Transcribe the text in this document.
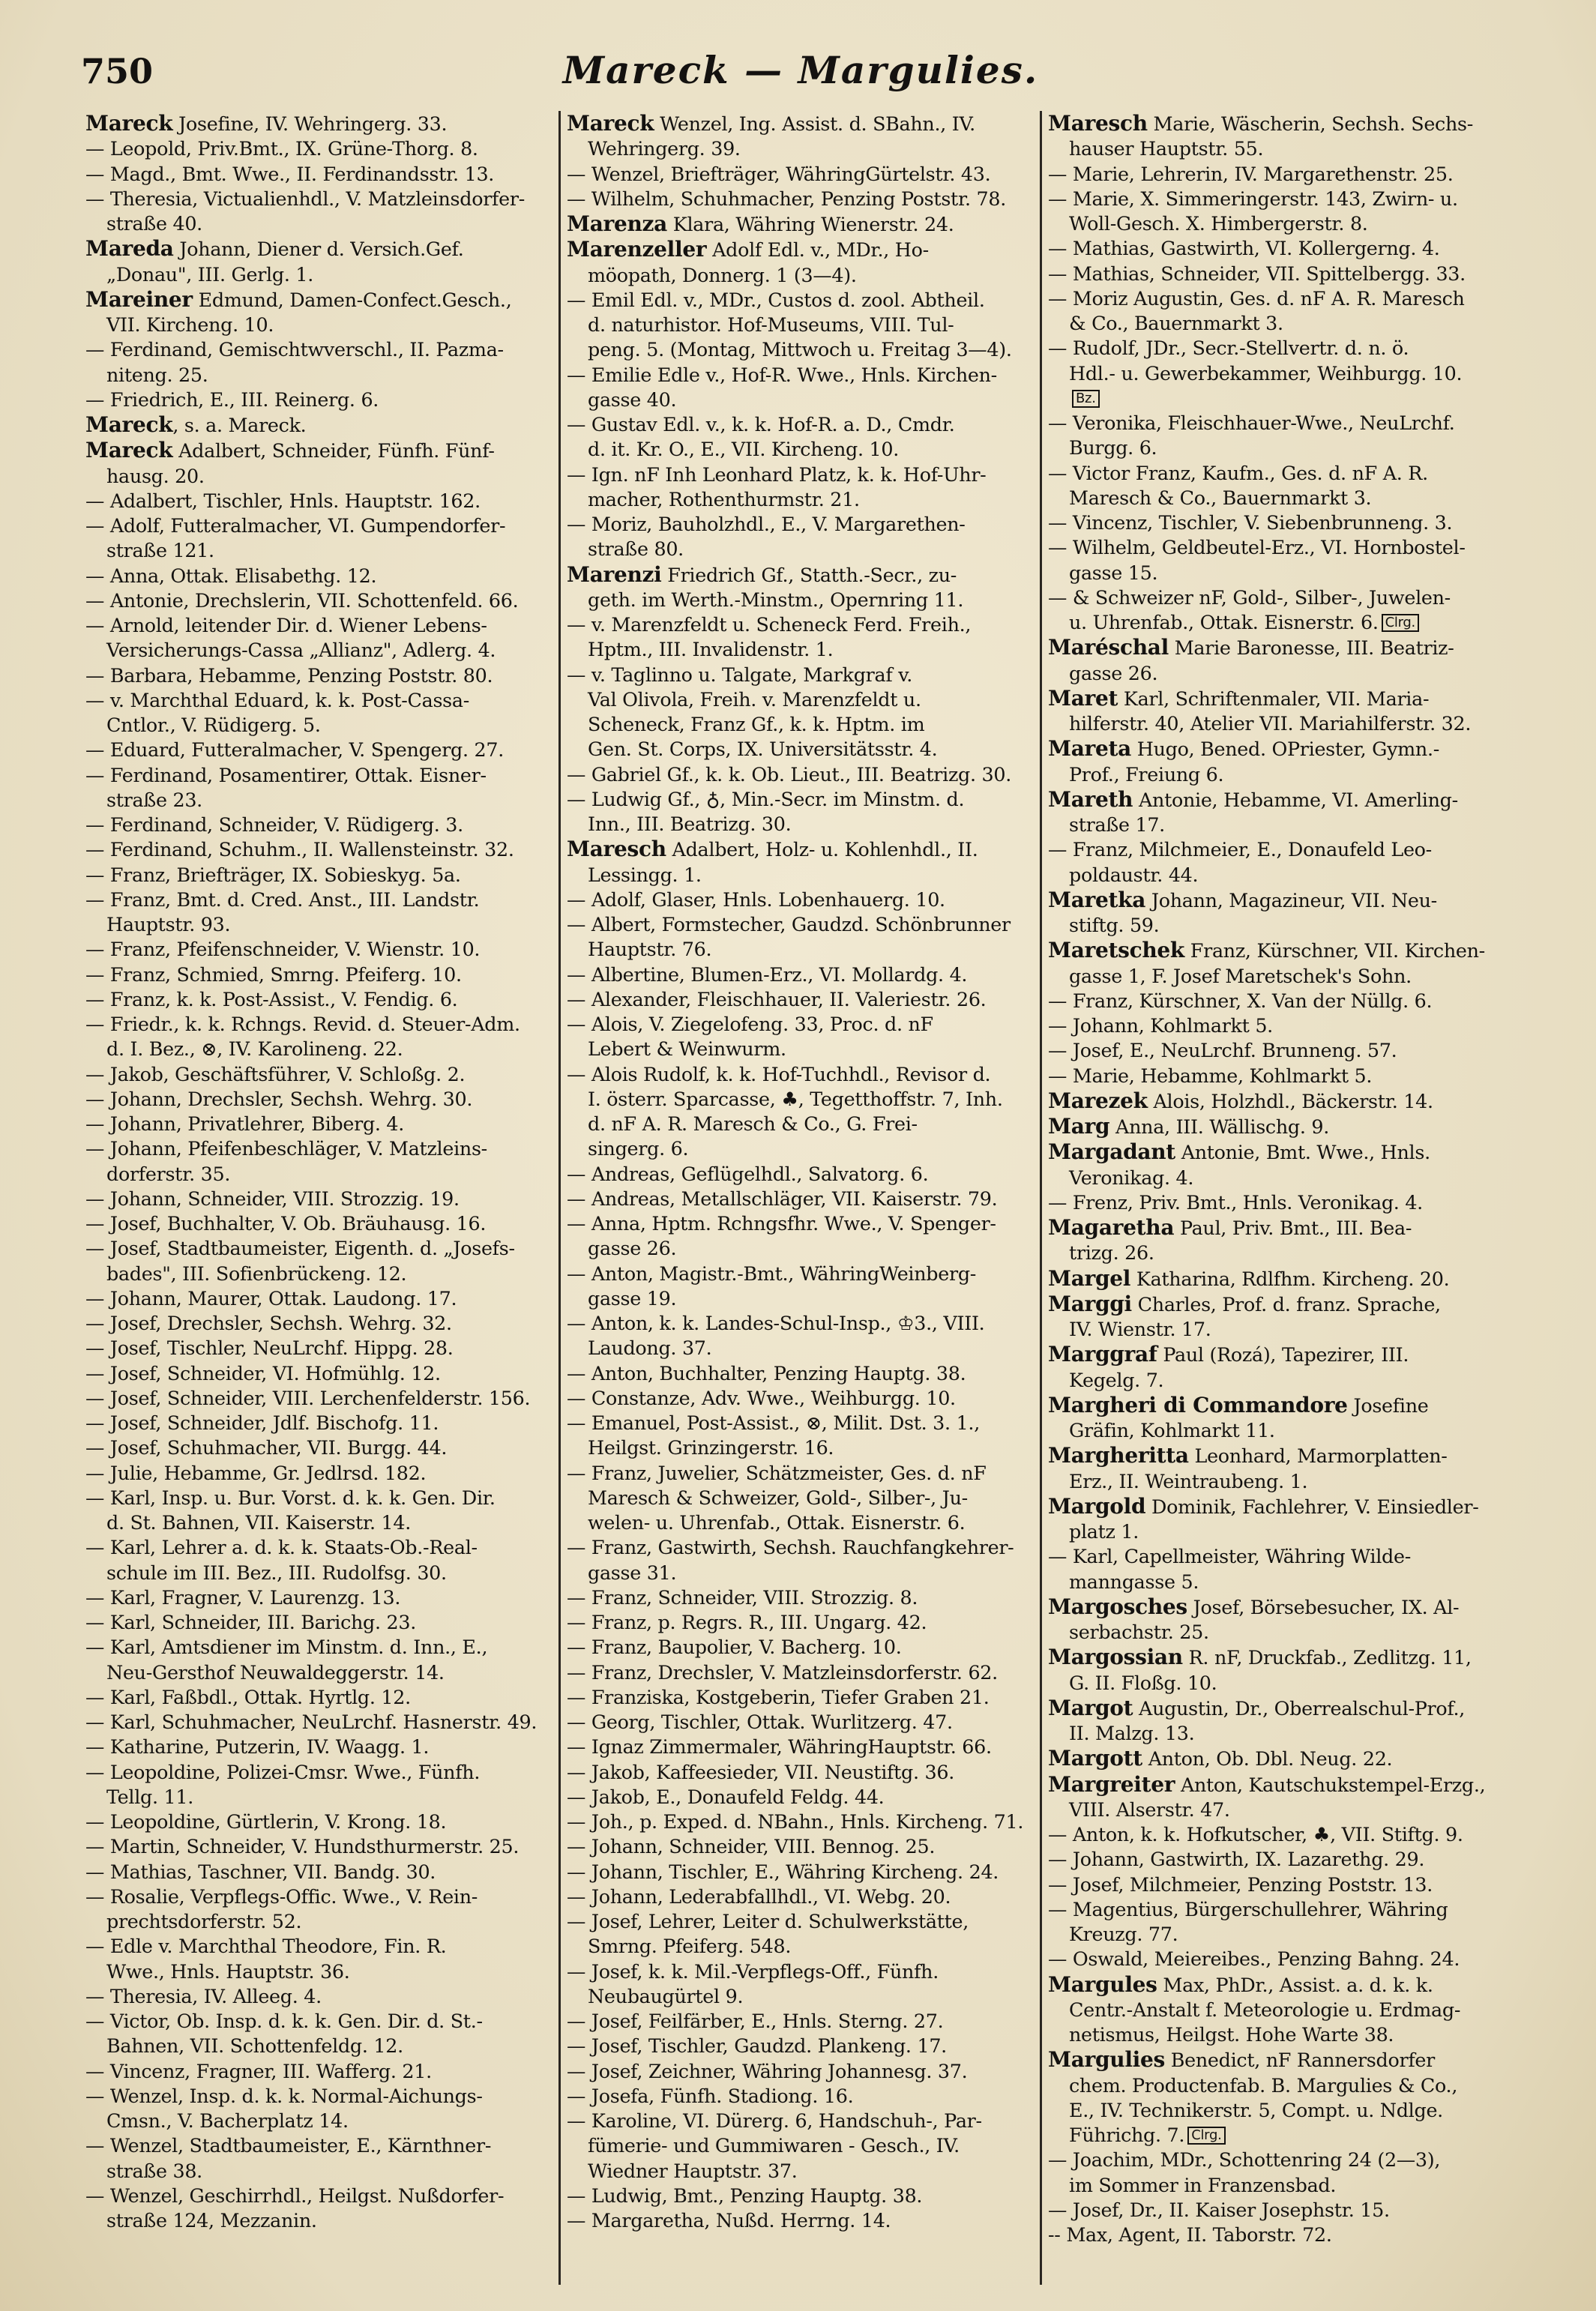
750	Mareck — Margulies.

Mareck Josefine, IV. Wehringerg. 33.

— Leopold, Priv.Bmt., IX. Grüne-Thorg. 8.

— Magd., Bmt. Wwe., II. Ferdinandsstr. 13.

— Theresia, Victualienhdl., V. Matzleinsdorfer-

straße 40.

Mareda Johann, Diener d. Versich.Gef.

„Donau", III. Gerlg. 1.

Mareiner Edmund, Damen-Confect.Gesch.,

VII. Kircheng. 10.

— Ferdinand, Gemischtwverschl., II. Pazma-

niteng. 25.

— Friedrich, E., III. Reinerg. 6.

Mareck, s. a. Mareck.

Mareck Adalbert, Schneider, Fünfh. Fünf-

hausg. 20.

— Adalbert, Tischler, Hnls. Hauptstr. 162.

— Adolf, Futteralmacher, VI. Gumpendorfer-

straße 121.

— Anna, Ottak. Elisabethg. 12.

— Antonie, Drechslerin, VII. Schottenfeld. 66.

— Arnold, leitender Dir. d. Wiener Lebens-

Versicherungs-Cassa „Allianz", Adlerg. 4.

— Barbara, Hebamme, Penzing Poststr. 80.

— v. Marchthal Eduard, k. k. Post-Cassa-

Cntlor., V. Rüdigerg. 5.

— Eduard, Futteralmacher, V. Spengerg. 27.

— Ferdinand, Posamentirer, Ottak. Eisner-

straße 23.

— Ferdinand, Schneider, V. Rüdigerg. 3.

— Ferdinand, Schuhm., II. Wallensteinstr. 32.

— Franz, Briefträger, IX. Sobieskyg. 5a.

— Franz, Bmt. d. Cred. Anst., III. Landstr.

Hauptstr. 93.

— Franz, Pfeifenschneider, V. Wienstr. 10.

— Franz, Schmied, Smrng. Pfeiferg. 10.

— Franz, k. k. Post-Assist., V. Fendig. 6.

— Friedr., k. k. Rchngs. Revid. d. Steuer-Adm.

d. I. Bez., ⊗, IV. Karolineng. 22.

— Jakob, Geschäftsführer, V. Schloßg. 2.

— Johann, Drechsler, Sechsh. Wehrg. 30.

— Johann, Privatlehrer, Biberg. 4.

— Johann, Pfeifenbeschläger, V. Matzleins-

dorferstr. 35.

— Johann, Schneider, VIII. Strozzig. 19.

— Josef, Buchhalter, V. Ob. Bräuhausg. 16.

— Josef, Stadtbaumeister, Eigenth. d. „Josefs-

bades", III. Sofienbrückeng. 12.

— Johann, Maurer, Ottak. Laudong. 17.

— Josef, Drechsler, Sechsh. Wehrg. 32.

— Josef, Tischler, NeuLrchf. Hippg. 28.

— Josef, Schneider, VI. Hofmühlg. 12.

— Josef, Schneider, VIII. Lerchenfelderstr. 156.

— Josef, Schneider, Jdlf. Bischofg. 11.

— Josef, Schuhmacher, VII. Burgg. 44.

— Julie, Hebamme, Gr. Jedlrsd. 182.

— Karl, Insp. u. Bur. Vorst. d. k. k. Gen. Dir.

d. St. Bahnen, VII. Kaiserstr. 14.

— Karl, Lehrer a. d. k. k. Staats-Ob.-Real-

schule im III. Bez., III. Rudolfsg. 30.

— Karl, Fragner, V. Laurenzg. 13.

— Karl, Schneider, III. Barichg. 23.

— Karl, Amtsdiener im Minstm. d. Inn., E.,

Neu-Gersthof Neuwaldeggerstr. 14.

— Karl, Faßbdl., Ottak. Hyrtlg. 12.

— Karl, Schuhmacher, NeuLrchf. Hasnerstr. 49.

— Katharine, Putzerin, IV. Waagg. 1.

— Leopoldine, Polizei-Cmsr. Wwe., Fünfh.

Tellg. 11.

— Leopoldine, Gürtlerin, V. Krong. 18.

— Martin, Schneider, V. Hundsthurmerstr. 25.

— Mathias, Taschner, VII. Bandg. 30.

— Rosalie, Verpflegs-Offic. Wwe., V. Rein-

prechtsdorferstr. 52.

— Edle v. Marchthal Theodore, Fin. R.

Wwe., Hnls. Hauptstr. 36.

— Theresia, IV. Alleeg. 4.

— Victor, Ob. Insp. d. k. k. Gen. Dir. d. St.-

Bahnen, VII. Schottenfeldg. 12.

— Vincenz, Fragner, III. Wafferg. 21.

— Wenzel, Insp. d. k. k. Normal-Aichungs-

Cmsn., V. Bacherplatz 14.

— Wenzel, Stadtbaumeister, E., Kärnthner-

straße 38.

— Wenzel, Geschirrhdl., Heilgst. Nußdorfer-

straße 124, Mezzanin.

Mareck Wenzel, Ing. Assist. d. SBahn., IV.

Wehringerg. 39.

— Wenzel, Briefträger, WähringGürtelstr. 43.

— Wilhelm, Schuhmacher, Penzing Poststr. 78.

Marenza Klara, Währing Wienerstr. 24.

Marenzeller Adolf Edl. v., MDr., Ho-

möopath, Donnerg. 1 (3—4).

— Emil Edl. v., MDr., Custos d. zool. Abtheil.

d. naturhistor. Hof-Museums, VIII. Tul-

peng. 5. (Montag, Mittwoch u. Freitag 3—4).

— Emilie Edle v., Hof-R. Wwe., Hnls. Kirchen-

gasse 40.

— Gustav Edl. v., k. k. Hof-R. a. D., Cmdr.

d. it. Kr. O., E., VII. Kircheng. 10.

— Ign. nF Inh Leonhard Platz, k. k. Hof-Uhr-

macher, Rothenthurmstr. 21.

— Moriz, Bauholzhdl., E., V. Margarethen-

straße 80.

Marenzi Friedrich Gf., Statth.-Secr., zu-

geth. im Werth.-Minstm., Opernring 11.

— v. Marenzfeldt u. Scheneck Ferd. Freih.,

Hptm., III. Invalidenstr. 1.

— v. Taglinno u. Talgate, Markgraf v.

Val Olivola, Freih. v. Marenzfeldt u.

Scheneck, Franz Gf., k. k. Hptm. im

Gen. St. Corps, IX. Universitätsstr. 4.

— Gabriel Gf., k. k. Ob. Lieut., III. Beatrizg. 30.

— Ludwig Gf., ♁, Min.-Secr. im Minstm. d.

Inn., III. Beatrizg. 30.

Maresch Adalbert, Holz- u. Kohlenhdl., II.

Lessingg. 1.

— Adolf, Glaser, Hnls. Lobenhauerg. 10.

— Albert, Formstecher, Gaudzd. Schönbrunner

Hauptstr. 76.

— Albertine, Blumen-Erz., VI. Mollardg. 4.

— Alexander, Fleischhauer, II. Valeriestr. 26.

— Alois, V. Ziegelofeng. 33, Proc. d. nF

Lebert & Weinwurm.

— Alois Rudolf, k. k. Hof-Tuchhdl., Revisor d.

I. österr. Sparcasse, ♣, Tegetthoffstr. 7, Inh.

d. nF A. R. Maresch & Co., G. Frei-

singerg. 6.

— Andreas, Geflügelhdl., Salvatorg. 6.

— Andreas, Metallschläger, VII. Kaiserstr. 79.

— Anna, Hptm. Rchngsfhr. Wwe., V. Spenger-

gasse 26.

— Anton, Magistr.-Bmt., WähringWeinberg-

gasse 19.

— Anton, k. k. Landes-Schul-Insp., ♔3., VIII.

Laudong. 37.

— Anton, Buchhalter, Penzing Hauptg. 38.

— Constanze, Adv. Wwe., Weihburgg. 10.

— Emanuel, Post-Assist., ⊗, Milit. Dst. 3. 1.,

Heilgst. Grinzingerstr. 16.

— Franz, Juwelier, Schätzmeister, Ges. d. nF

Maresch & Schweizer, Gold-, Silber-, Ju-

welen- u. Uhrenfab., Ottak. Eisnerstr. 6.

— Franz, Gastwirth, Sechsh. Rauchfangkehrer-

gasse 31.

— Franz, Schneider, VIII. Strozzig. 8.

— Franz, p. Regrs. R., III. Ungarg. 42.

— Franz, Baupolier, V. Bacherg. 10.

— Franz, Drechsler, V. Matzleinsdorferstr. 62.

— Franziska, Kostgeberin, Tiefer Graben 21.

— Georg, Tischler, Ottak. Wurlitzerg. 47.

— Ignaz Zimmermaler, WähringHauptstr. 66.

— Jakob, Kaffeesieder, VII. Neustiftg. 36.

— Jakob, E., Donaufeld Feldg. 44.

— Joh., p. Exped. d. NBahn., Hnls. Kircheng. 71.

— Johann, Schneider, VIII. Bennog. 25.

— Johann, Tischler, E., Währing Kircheng. 24.

— Johann, Lederabfallhdl., VI. Webg. 20.

— Josef, Lehrer, Leiter d. Schulwerkstätte,

Smrng. Pfeiferg. 548.

— Josef, k. k. Mil.-Verpflegs-Off., Fünfh.

Neubaugürtel 9.

— Josef, Feilfärber, E., Hnls. Sterng. 27.

— Josef, Tischler, Gaudzd. Plankeng. 17.

— Josef, Zeichner, Währing Johannesg. 37.

— Josefa, Fünfh. Stadiong. 16.

— Karoline, VI. Dürerg. 6, Handschuh-, Par-

fümerie- und Gummiwaren - Gesch., IV.

Wiedner Hauptstr. 37.

— Ludwig, Bmt., Penzing Hauptg. 38.

— Margaretha, Nußd. Herrng. 14.

Maresch Marie, Wäscherin, Sechsh. Sechs-

hauser Hauptstr. 55.

— Marie, Lehrerin, IV. Margarethenstr. 25.

— Marie, X. Simmeringerstr. 143, Zwirn- u.

Woll-Gesch. X. Himbergerstr. 8.

— Mathias, Gastwirth, VI. Kollergerng. 4.

— Mathias, Schneider, VII. Spittelbergg. 33.

— Moriz Augustin, Ges. d. nF A. R. Maresch

& Co., Bauernmarkt 3.

— Rudolf, JDr., Secr.-Stellvertr. d. n. ö.

Hdl.- u. Gewerbekammer, Weihburgg. 10.

Bz.

— Veronika, Fleischhauer-Wwe., NeuLrchf.

Burgg. 6.

— Victor Franz, Kaufm., Ges. d. nF A. R.

Maresch & Co., Bauernmarkt 3.

— Vincenz, Tischler, V. Siebenbrunneng. 3.

— Wilhelm, Geldbeutel-Erz., VI. Hornbostel-

gasse 15.

— & Schweizer nF, Gold-, Silber-, Juwelen-

u. Uhrenfab., Ottak. Eisnerstr. 6. Clrg.

Maréschal Marie Baronesse, III. Beatriz-

gasse 26.

Maret Karl, Schriftenmaler, VII. Maria-

hilferstr. 40, Atelier VII. Mariahilferstr. 32.

Mareta Hugo, Bened. OPriester, Gymn.-

Prof., Freiung 6.

Mareth Antonie, Hebamme, VI. Amerling-

straße 17.

— Franz, Milchmeier, E., Donaufeld Leo-

poldaustr. 44.

Maretka Johann, Magazineur, VII. Neu-

stiftg. 59.

Maretschek Franz, Kürschner, VII. Kirchen-

gasse 1, F. Josef Maretschek's Sohn.

— Franz, Kürschner, X. Van der Nüllg. 6.

— Johann, Kohlmarkt 5.

— Josef, E., NeuLrchf. Brunneng. 57.

— Marie, Hebamme, Kohlmarkt 5.

Marezek Alois, Holzhdl., Bäckerstr. 14.

Marg Anna, III. Wällischg. 9.

Margadant Antonie, Bmt. Wwe., Hnls.

Veronikag. 4.

— Frenz, Priv. Bmt., Hnls. Veronikag. 4.

Magaretha Paul, Priv. Bmt., III. Bea-

trizg. 26.

Margel Katharina, Rdlfhm. Kircheng. 20.

Marggi Charles, Prof. d. franz. Sprache,

IV. Wienstr. 17.

Marggraf Paul (Rozá), Tapezirer, III.

Kegelg. 7.

Margheri di Commandore Josefine

Gräfin, Kohlmarkt 11.

Margheritta Leonhard, Marmorplatten-

Erz., II. Weintraubeng. 1.

Margold Dominik, Fachlehrer, V. Einsiedler-

platz 1.

— Karl, Capellmeister, Währing Wilde-

manngasse 5.

Margosches Josef, Börsebesucher, IX. Al-

serbachstr. 25.

Margossian R. nF, Druckfab., Zedlitzg. 11,

G. II. Floßg. 10.

Margot Augustin, Dr., Oberrealschul-Prof.,

II. Malzg. 13.

Margott Anton, Ob. Dbl. Neug. 22.

Margreiter Anton, Kautschukstempel-Erzg.,

VIII. Alserstr. 47.

— Anton, k. k. Hofkutscher, ♣, VII. Stiftg. 9.

— Johann, Gastwirth, IX. Lazarethg. 29.

— Josef, Milchmeier, Penzing Poststr. 13.

— Magentius, Bürgerschullehrer, Währing

Kreuzg. 77.

— Oswald, Meiereibes., Penzing Bahng. 24.

Margules Max, PhDr., Assist. a. d. k. k.

Centr.-Anstalt f. Meteorologie u. Erdmag-

netismus, Heilgst. Hohe Warte 38.

Margulies Benedict, nF Rannersdorfer

chem. Productenfab. B. Margulies & Co.,

E., IV. Technikerstr. 5, Compt. u. Ndlge.

Führichg. 7. Clrg.

— Joachim, MDr., Schottenring 24 (2—3),

im Sommer in Franzensbad.

— Josef, Dr., II. Kaiser Josephstr. 15.

-- Max, Agent, II. Taborstr. 72.
